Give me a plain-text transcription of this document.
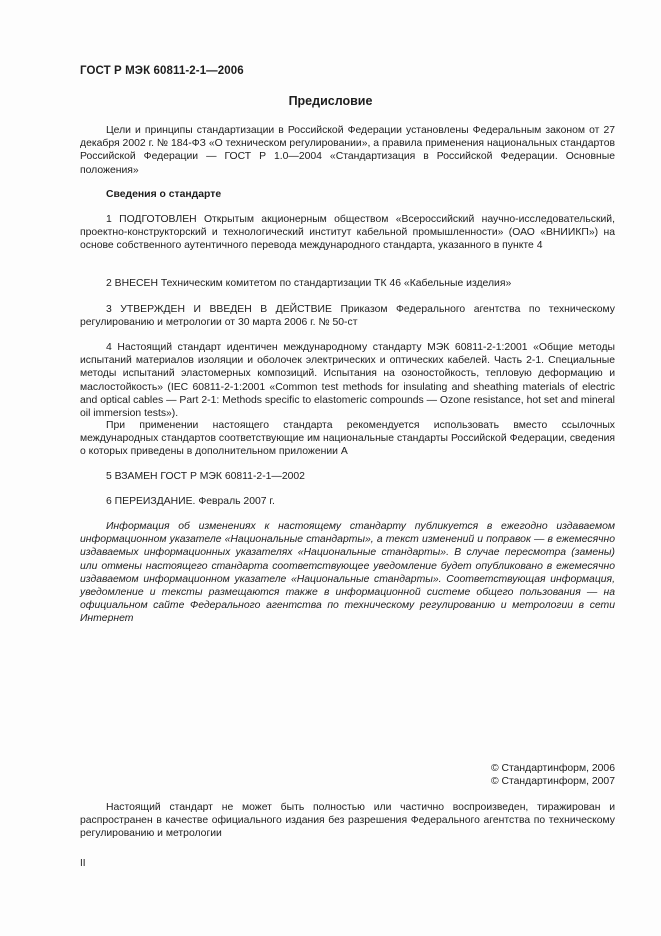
ГОСТ Р МЭК 60811-2-1—2006
Предисловие

Цели и принципы стандартизации в Российской Федерации установлены Федеральным законом от 27 декабря 2002 г. № 184-ФЗ «О техническом регулировании», а правила применения национальных стандартов Российской Федерации — ГОСТ Р 1.0—2004 «Стандартизация в Российской Федерации. Основные положения»

Сведения о стандарте

1 ПОДГОТОВЛЕН Открытым акционерным обществом «Всероссийский научно-исследовательский, проектно-конструкторский и технологический институт кабельной промышленности» (ОАО «ВНИИКП») на основе собственного аутентичного перевода международного стандарта, указанного в пункте 4

2 ВНЕСЕН Техническим комитетом по стандартизации ТК 46 «Кабельные изделия»

3 УТВЕРЖДЕН И ВВЕДЕН В ДЕЙСТВИЕ Приказом Федерального агентства по техническому регулированию и метрологии от 30 марта 2006 г. № 50-ст

4 Настоящий стандарт идентичен международному стандарту МЭК 60811-2-1:2001 «Общие методы испытаний материалов изоляции и оболочек электрических и оптических кабелей. Часть 2-1. Специальные методы испытаний эластомерных композиций. Испытания на озоностойкость, тепловую деформацию и маслостойкость» (IEC 60811-2-1:2001 «Common test methods for insulating and sheathing materials of electric and optical cables — Part 2-1: Methods specific to elastomeric compounds — Ozone resistance, hot set and mineral oil immersion tests»).

При применении настоящего стандарта рекомендуется использовать вместо ссылочных международных стандартов соответствующие им национальные стандарты Российской Федерации, сведения о которых приведены в дополнительном приложении А

5 ВЗАМЕН ГОСТ Р МЭК 60811-2-1—2002

6 ПЕРЕИЗДАНИЕ. Февраль 2007 г.

Информация об изменениях к настоящему стандарту публикуется в ежегодно издаваемом информационном указателе «Национальные стандарты», а текст изменений и поправок — в ежемесячно издаваемых информационных указателях «Национальные стандарты». В случае пересмотра (замены) или отмены настоящего стандарта соответствующее уведомление будет опубликовано в ежемесячно издаваемом информационном указателе «Национальные стандарты». Соответствующая информация, уведомление и тексты размещаются также в информационной системе общего пользования — на официальном сайте Федерального агентства по техническому регулированию и метрологии в сети Интернет

© Стандартинформ, 2006
© Стандартинформ, 2007

Настоящий стандарт не может быть полностью или частично воспроизведен, тиражирован и распространен в качестве официального издания без разрешения Федерального агентства по техническому регулированию и метрологии

II
